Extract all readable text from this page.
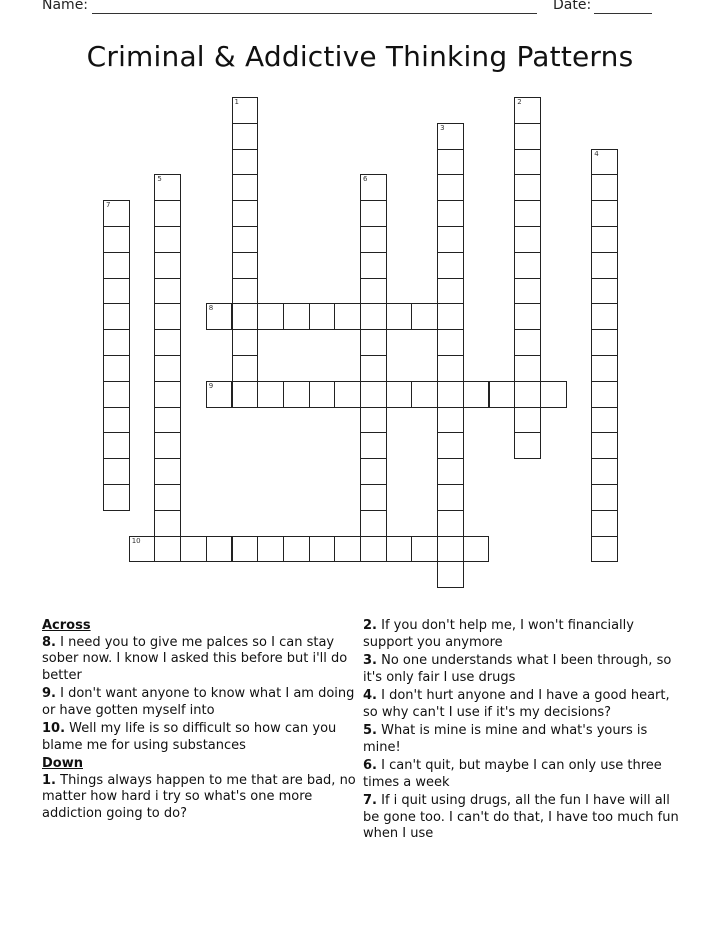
Name:	Date:
Criminal & Addictive Thinking Patterns
1	2
3
4
5	6
7
8
9
10
Across
8. I need you to give me palces so I can stay sober now. I know I asked this before but i'll do better
9. I don't want anyone to know what I am doing or have gotten myself into
10. Well my life is so difficult so how can you blame me for using substances
Down
1. Things always happen to me that are bad, no matter how hard i try so what's one more addiction going to do?
2. If you don't help me, I won't financially support you anymore
3. No one understands what I been through, so it's only fair I use drugs
4. I don't hurt anyone and I have a good heart, so why can't I use if it's my decisions?
5. What is mine is mine and what's yours is mine!
6. I can't quit, but maybe I can only use three times a week
7. If i quit using drugs, all the fun I have will all be gone too. I can't do that, I have too much fun when I use
